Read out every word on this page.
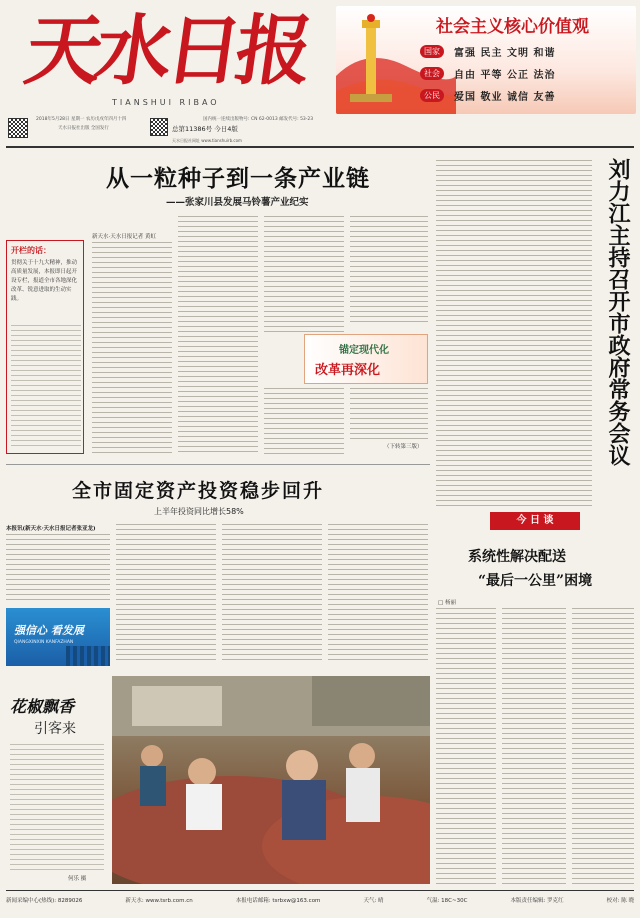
天水日报
TIANSHUI RIBAO
2018年5月28日 星期一 农历戊戌年四月十四
天水日报社出版 全国发行
国内统一连续出版物号: CN 62-0013 邮发代号: 53-23
总第11386号 今日4版
天水日报社网址 www.tianshuirb.com
社会主义核心价值观
国家	富强 民主 文明 和谐
社会	自由 平等 公正 法治
公民	爱国 敬业 诚信 友善
从一粒种子到一条产业链
——张家川县发展马铃薯产业纪实
开栏的话：
贯彻关于十九大精神，推动高质量发展，本报即日起开设专栏，报道全市各地深化改革、锐意进取的生动实践。
新天水·天水日报记者 黄虹
（下转第三版）
锚定现代化
改革再深化	刘力江主持召开市政府常务会议
全市固定资产投资稳步回升
上半年投资同比增长58%
本报讯(新天水·天水日报记者张亚龙)
强信心 看发展
QIANGXINXIN KANFAZHAN
花椒飘香
引客来
何乐 摄
今 日 谈
系统性解决配送
“最后一公里”困境
□ 杨丽
新闻采编中心(热线): 8289026	新天水: www.tsrb.com.cn	本报电话邮箱: tsrbxw@163.com	天气: 晴	气温: 18C~30C	本版责任编辑: 罗克红	校对: 陈 晓
